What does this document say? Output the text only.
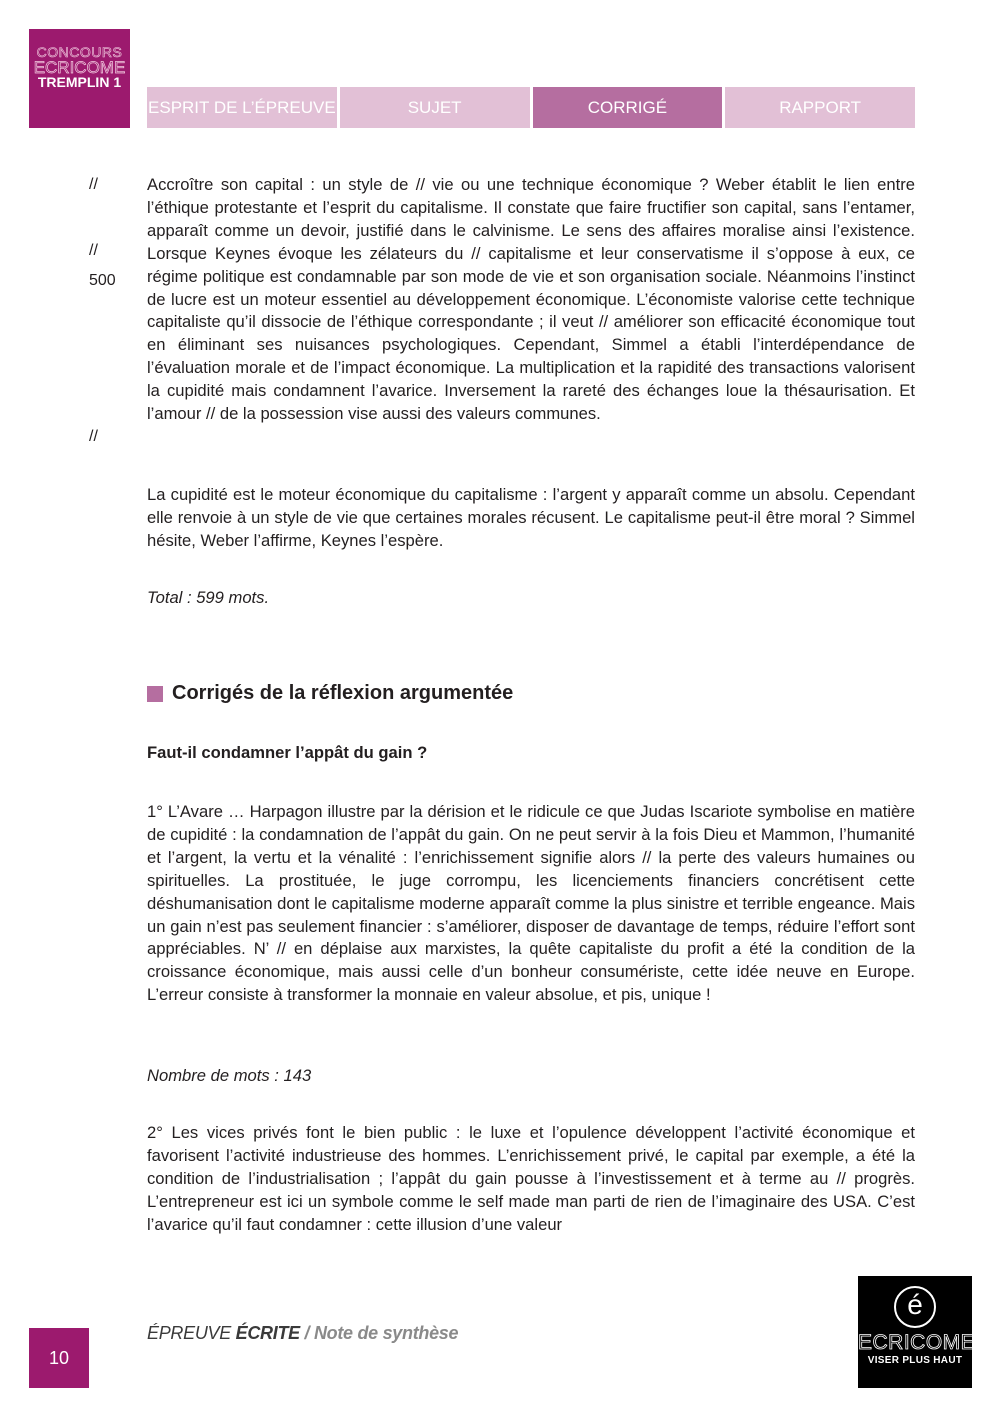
CONCOURS
ECRICOME
TREMPLIN 1
ESPRIT DE L’ÉPREUVE	SUJET	CORRIGÉ	RAPPORT
//
//
500
//

Accroître son capital : un style de // vie ou une technique économique ? Weber établit le lien entre l’éthique protestante et l’esprit du capitalisme. Il constate que faire fructifier son capital, sans l’entamer, apparaît comme un devoir, justifié dans le calvinisme. Le sens des affaires moralise ainsi l’existence. Lorsque Keynes évoque les zélateurs du // capitalisme et leur conservatisme il s’oppose à eux, ce régime politique est condamnable par son mode de vie et son organisation sociale. Néanmoins l’instinct de lucre est un moteur essentiel au développement économique. L’économiste valorise cette technique capitaliste qu’il dissocie de l’éthique correspondante ; il veut // améliorer son efficacité économique tout en éliminant ses nuisances psychologiques. Cependant, Simmel a établi l’interdépendance de l’évaluation morale et de l’impact économique. La multiplication et la rapidité des transactions valorisent la cupidité mais condamnent l’avarice. Inversement la rareté des échanges loue la thésaurisation. Et l’amour // de la possession vise aussi des valeurs communes.

La cupidité est le moteur économique du capitalisme : l’argent y apparaît comme un absolu. Cependant elle renvoie à un style de vie que certaines morales récusent. Le capitalisme peut-il être moral ? Simmel hésite, Weber l’affirme, Keynes l’espère.

Total : 599 mots.
Corrigés de la réflexion argumentée
Faut-il condamner l’appât du gain ?

1° L’Avare … Harpagon illustre par la dérision et le ridicule ce que Judas Iscariote symbolise en matière de cupidité : la condamnation de l’appât du gain. On ne peut servir à la fois Dieu et Mammon, l’humanité et l’argent, la vertu et la vénalité : l’enrichissement signifie alors // la perte des valeurs humaines ou spirituelles. La prostituée, le juge corrompu, les licenciements financiers concrétisent cette déshumanisation dont le capitalisme moderne apparaît comme la plus sinistre et terrible engeance. Mais un gain n’est pas seulement financier : s’améliorer, disposer de davantage de temps, réduire l’effort sont appréciables. N’ // en déplaise aux marxistes, la quête capitaliste du profit a été la condition de la croissance économique, mais aussi celle d’un bonheur consumériste, cette idée neuve en Europe. L’erreur consiste à transformer la monnaie en valeur absolue, et pis, unique !

Nombre de mots : 143

2° Les vices privés font le bien public : le luxe et l’opulence développent l’activité économique et favorisent l’activité industrieuse des hommes. L’enrichissement privé, le capital par exemple, a été la condition de l’industrialisation ; l’appât du gain pousse à l’investissement et à terme au // progrès. L’entrepreneur est ici un symbole comme le self made man parti de rien de l’imaginaire des USA. C’est l’avarice qu’il faut condamner : cette illusion d’une valeur

10
ÉPREUVE ÉCRITE / Note de synthèse
é
ECRICOME
VISER PLUS HAUT
